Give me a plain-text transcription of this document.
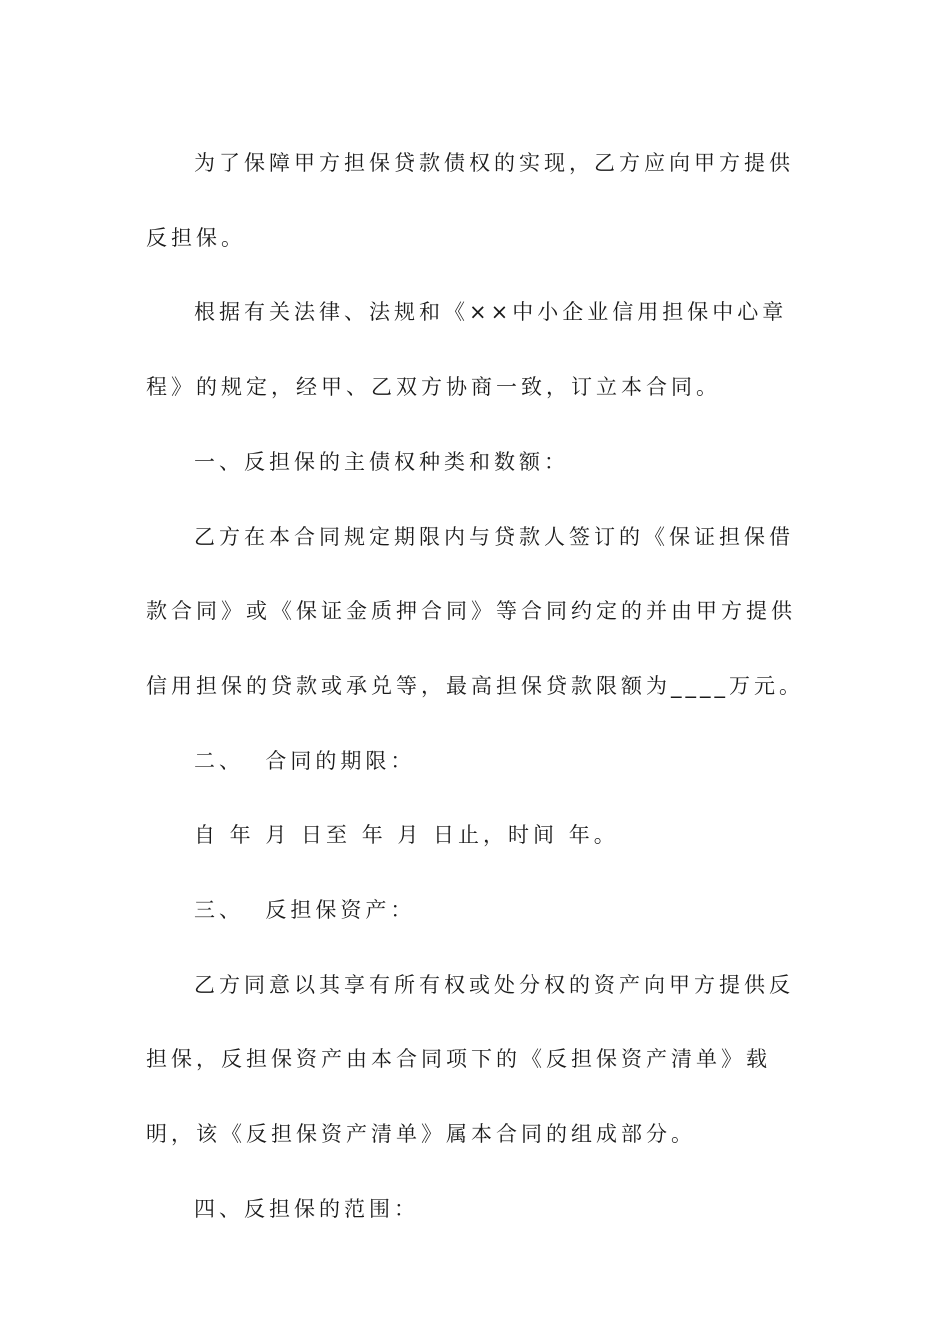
为了保障甲方担保贷款债权的实现，乙方应向甲方提供反担保。

根据有关法律、法规和《××中小企业信用担保中心章程》的规定，经甲、乙双方协商一致，订立本合同。

一、反担保的主债权种类和数额：

乙方在本合同规定期限内与贷款人签订的《保证担保借款合同》或《保证金质押合同》等合同约定的并由甲方提供信用担保的贷款或承兑等，最高担保贷款限额为____万元。

二、  合同的期限：

自 年 月 日至 年 月 日止，时间 年。

三、  反担保资产：

乙方同意以其享有所有权或处分权的资产向甲方提供反担保，反担保资产由本合同项下的《反担保资产清单》载明，该《反担保资产清单》属本合同的组成部分。

四、反担保的范围：
